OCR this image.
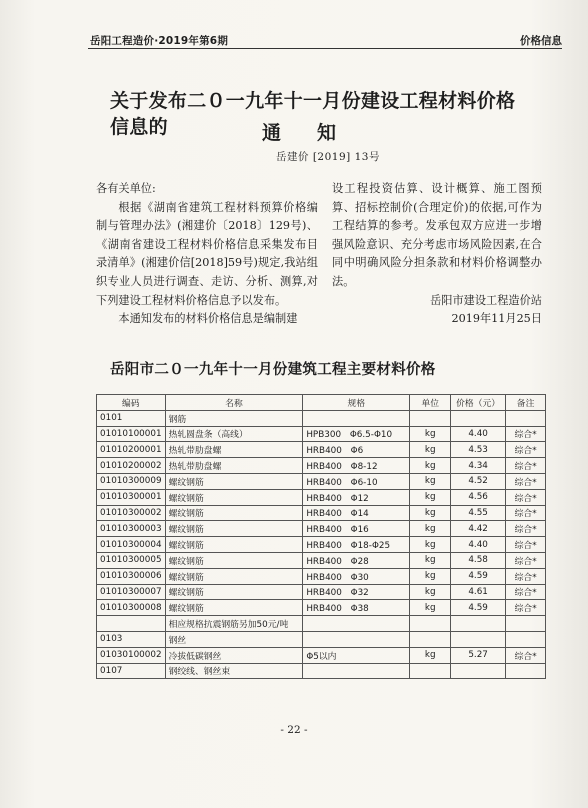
岳阳工程造价·2019年第6期	价格信息
关于发布二０一九年十一月份建设工程材料价格信息的	通知
岳建价 [2019] 13号

各有关单位:

根据《湖南省建筑工程材料预算价格编制与管理办法》(湘建价〔2018〕129号)、《湖南省建设工程材料价格信息采集发布目录清单》(湘建价信[2018]59号)规定,我站组织专业人员进行调查、走访、分析、测算,对下列建设工程材料价格信息予以发布。

本通知发布的材料价格信息是编制建

设工程投资估算、设计概算、施工图预算、招标控制价(合理定价)的依据,可作为工程结算的参考。发承包双方应进一步增强风险意识、充分考虑市场风险因素,在合同中明确风险分担条款和材料价格调整办法。

岳阳市建设工程造价站

2019年11月25日

岳阳市二０一九年十一月份建筑工程主要材料价格
编码	名称	规格	单位	价格（元）	备注
0101	钢筋				
01010100001	热轧圆盘条（高线）	HPB300　Φ6.5-Φ10	kg	4.40	综合*
01010200001	热轧带肋盘螺	HRB400　Φ6	kg	4.53	综合*
01010200002	热轧带肋盘螺	HRB400　Φ8-12	kg	4.34	综合*
01010300009	螺纹钢筋	HRB400　Φ6-10	kg	4.52	综合*
01010300001	螺纹钢筋	HRB400　Φ12	kg	4.56	综合*
01010300002	螺纹钢筋	HRB400　Φ14	kg	4.55	综合*
01010300003	螺纹钢筋	HRB400　Φ16	kg	4.42	综合*
01010300004	螺纹钢筋	HRB400　Φ18-Φ25	kg	4.40	综合*
01010300005	螺纹钢筋	HRB400　Φ28	kg	4.58	综合*
01010300006	螺纹钢筋	HRB400　Φ30	kg	4.59	综合*
01010300007	螺纹钢筋	HRB400　Φ32	kg	4.61	综合*
01010300008	螺纹钢筋	HRB400　Φ38	kg	4.59	综合*
	相应规格抗震钢筋另加50元/吨				
0103	钢丝				
01030100002	冷拔低碳钢丝	Φ5以内	kg	5.27	综合*
0107	钢绞线、钢丝束				
- 22 -
